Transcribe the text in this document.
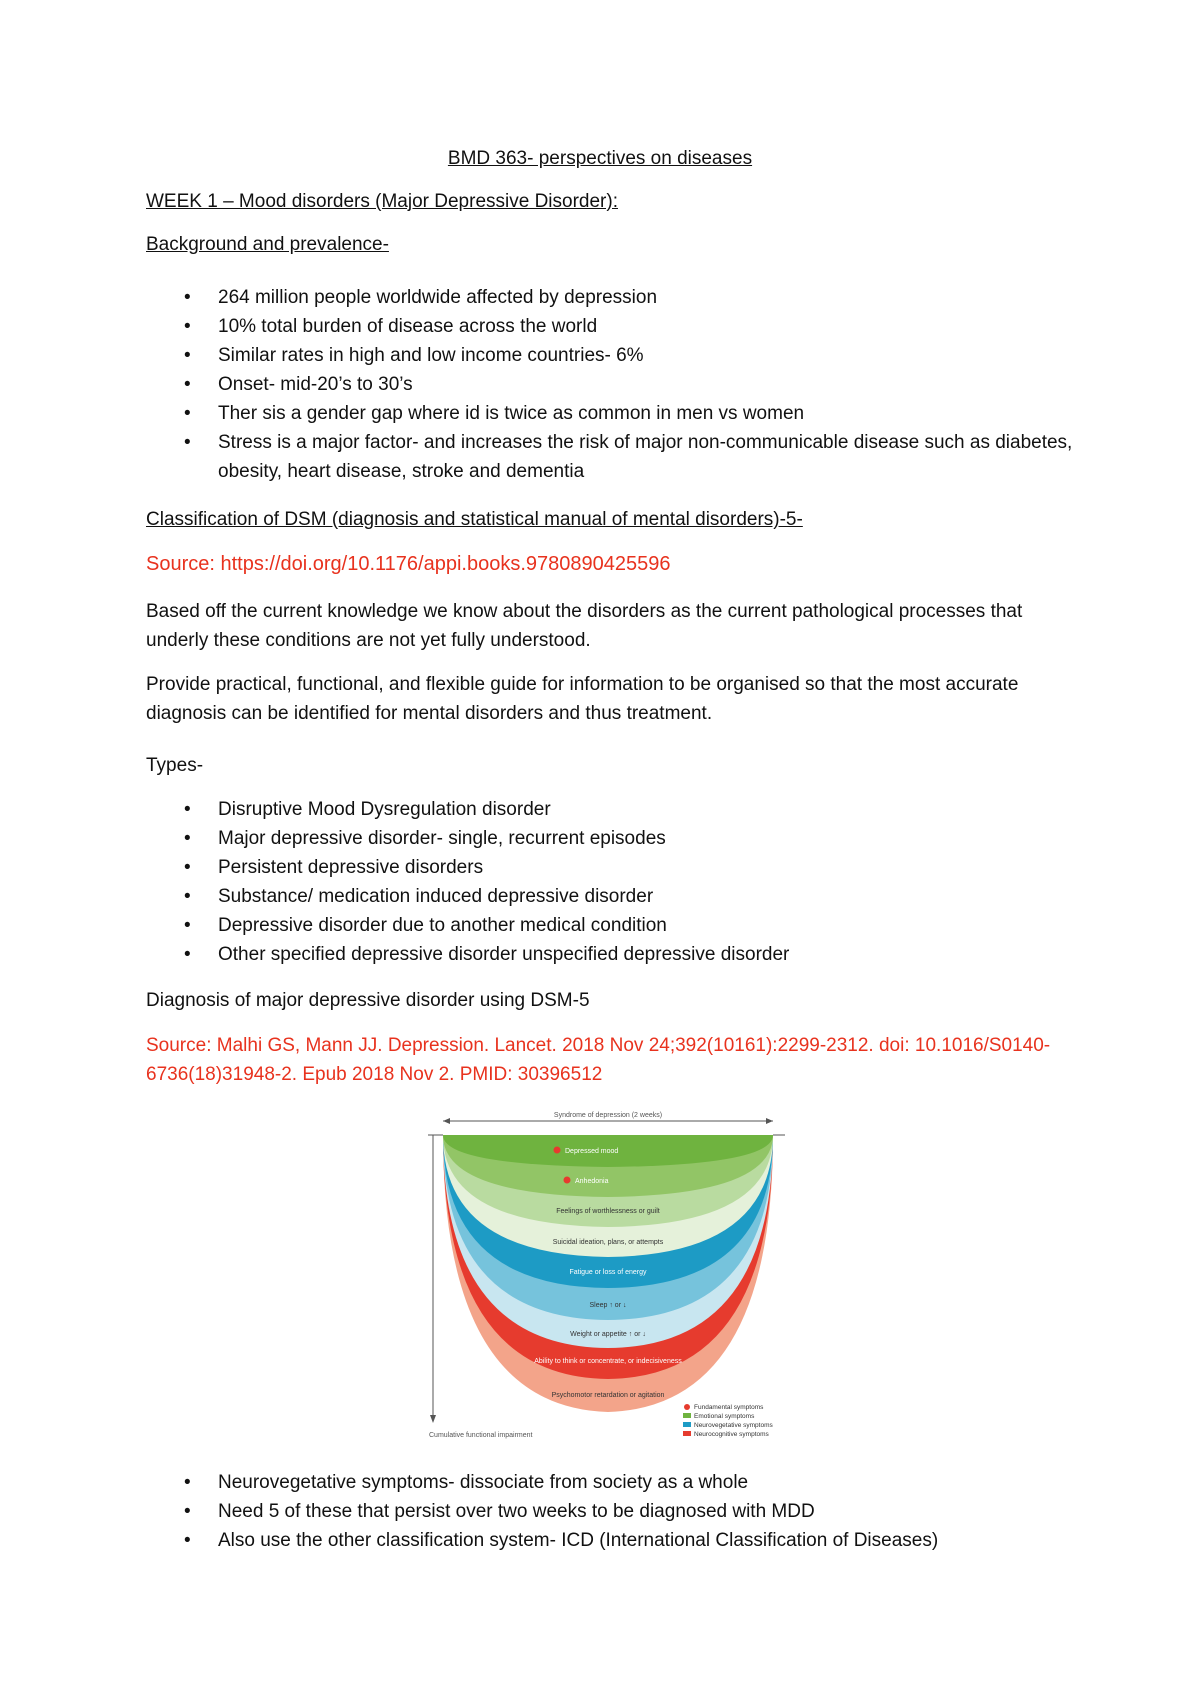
BMD 363- perspectives on diseases
WEEK 1 – Mood disorders (Major Depressive Disorder):
Background and prevalence-
• 264 million people worldwide affected by depression
• 10% total burden of disease across the world
• Similar rates in high and low income countries- 6%
• Onset- mid-20’s to 30’s
• Ther sis a gender gap where id is twice as common in men vs women
• Stress is a major factor- and increases the risk of major non-communicable disease such as diabetes, obesity, heart disease, stroke and dementia
Classification of DSM (diagnosis and statistical manual of mental disorders)-5-
Source: https://doi.org/10.1176/appi.books.9780890425596
Based off the current knowledge we know about the disorders as the current pathological processes that underly these conditions are not yet fully understood.
Provide practical, functional, and flexible guide for information to be organised so that the most accurate diagnosis can be identified for mental disorders and thus treatment.
Types-
• Disruptive Mood Dysregulation disorder
• Major depressive disorder- single, recurrent episodes
• Persistent depressive disorders
• Substance/ medication induced depressive disorder
• Depressive disorder due to another medical condition
• Other specified depressive disorder unspecified depressive disorder
Diagnosis of major depressive disorder using DSM-5
Source: Malhi GS, Mann JJ. Depression. Lancet. 2018 Nov 24;392(10161):2299-2312. doi: 10.1016/S0140-6736(18)31948-2. Epub 2018 Nov 2. PMID: 30396512
Syndrome of depression (2 weeks)
Cumulative functional impairment
Depressed mood
Anhedonia
Feelings of worthlessness or guilt
Suicidal ideation, plans, or attempts
Fatigue or loss of energy
Sleep ↑ or ↓
Weight or appetite ↑ or ↓
Ability to think or concentrate, or indecisiveness
Psychomotor retardation or agitation
Fundamental symptoms
Emotional symptoms
Neurovegetative symptoms
Neurocognitive symptoms
• Neurovegetative symptoms- dissociate from society as a whole
• Need 5 of these that persist over two weeks to be diagnosed with MDD
• Also use the other classification system- ICD (International Classification of Diseases)
